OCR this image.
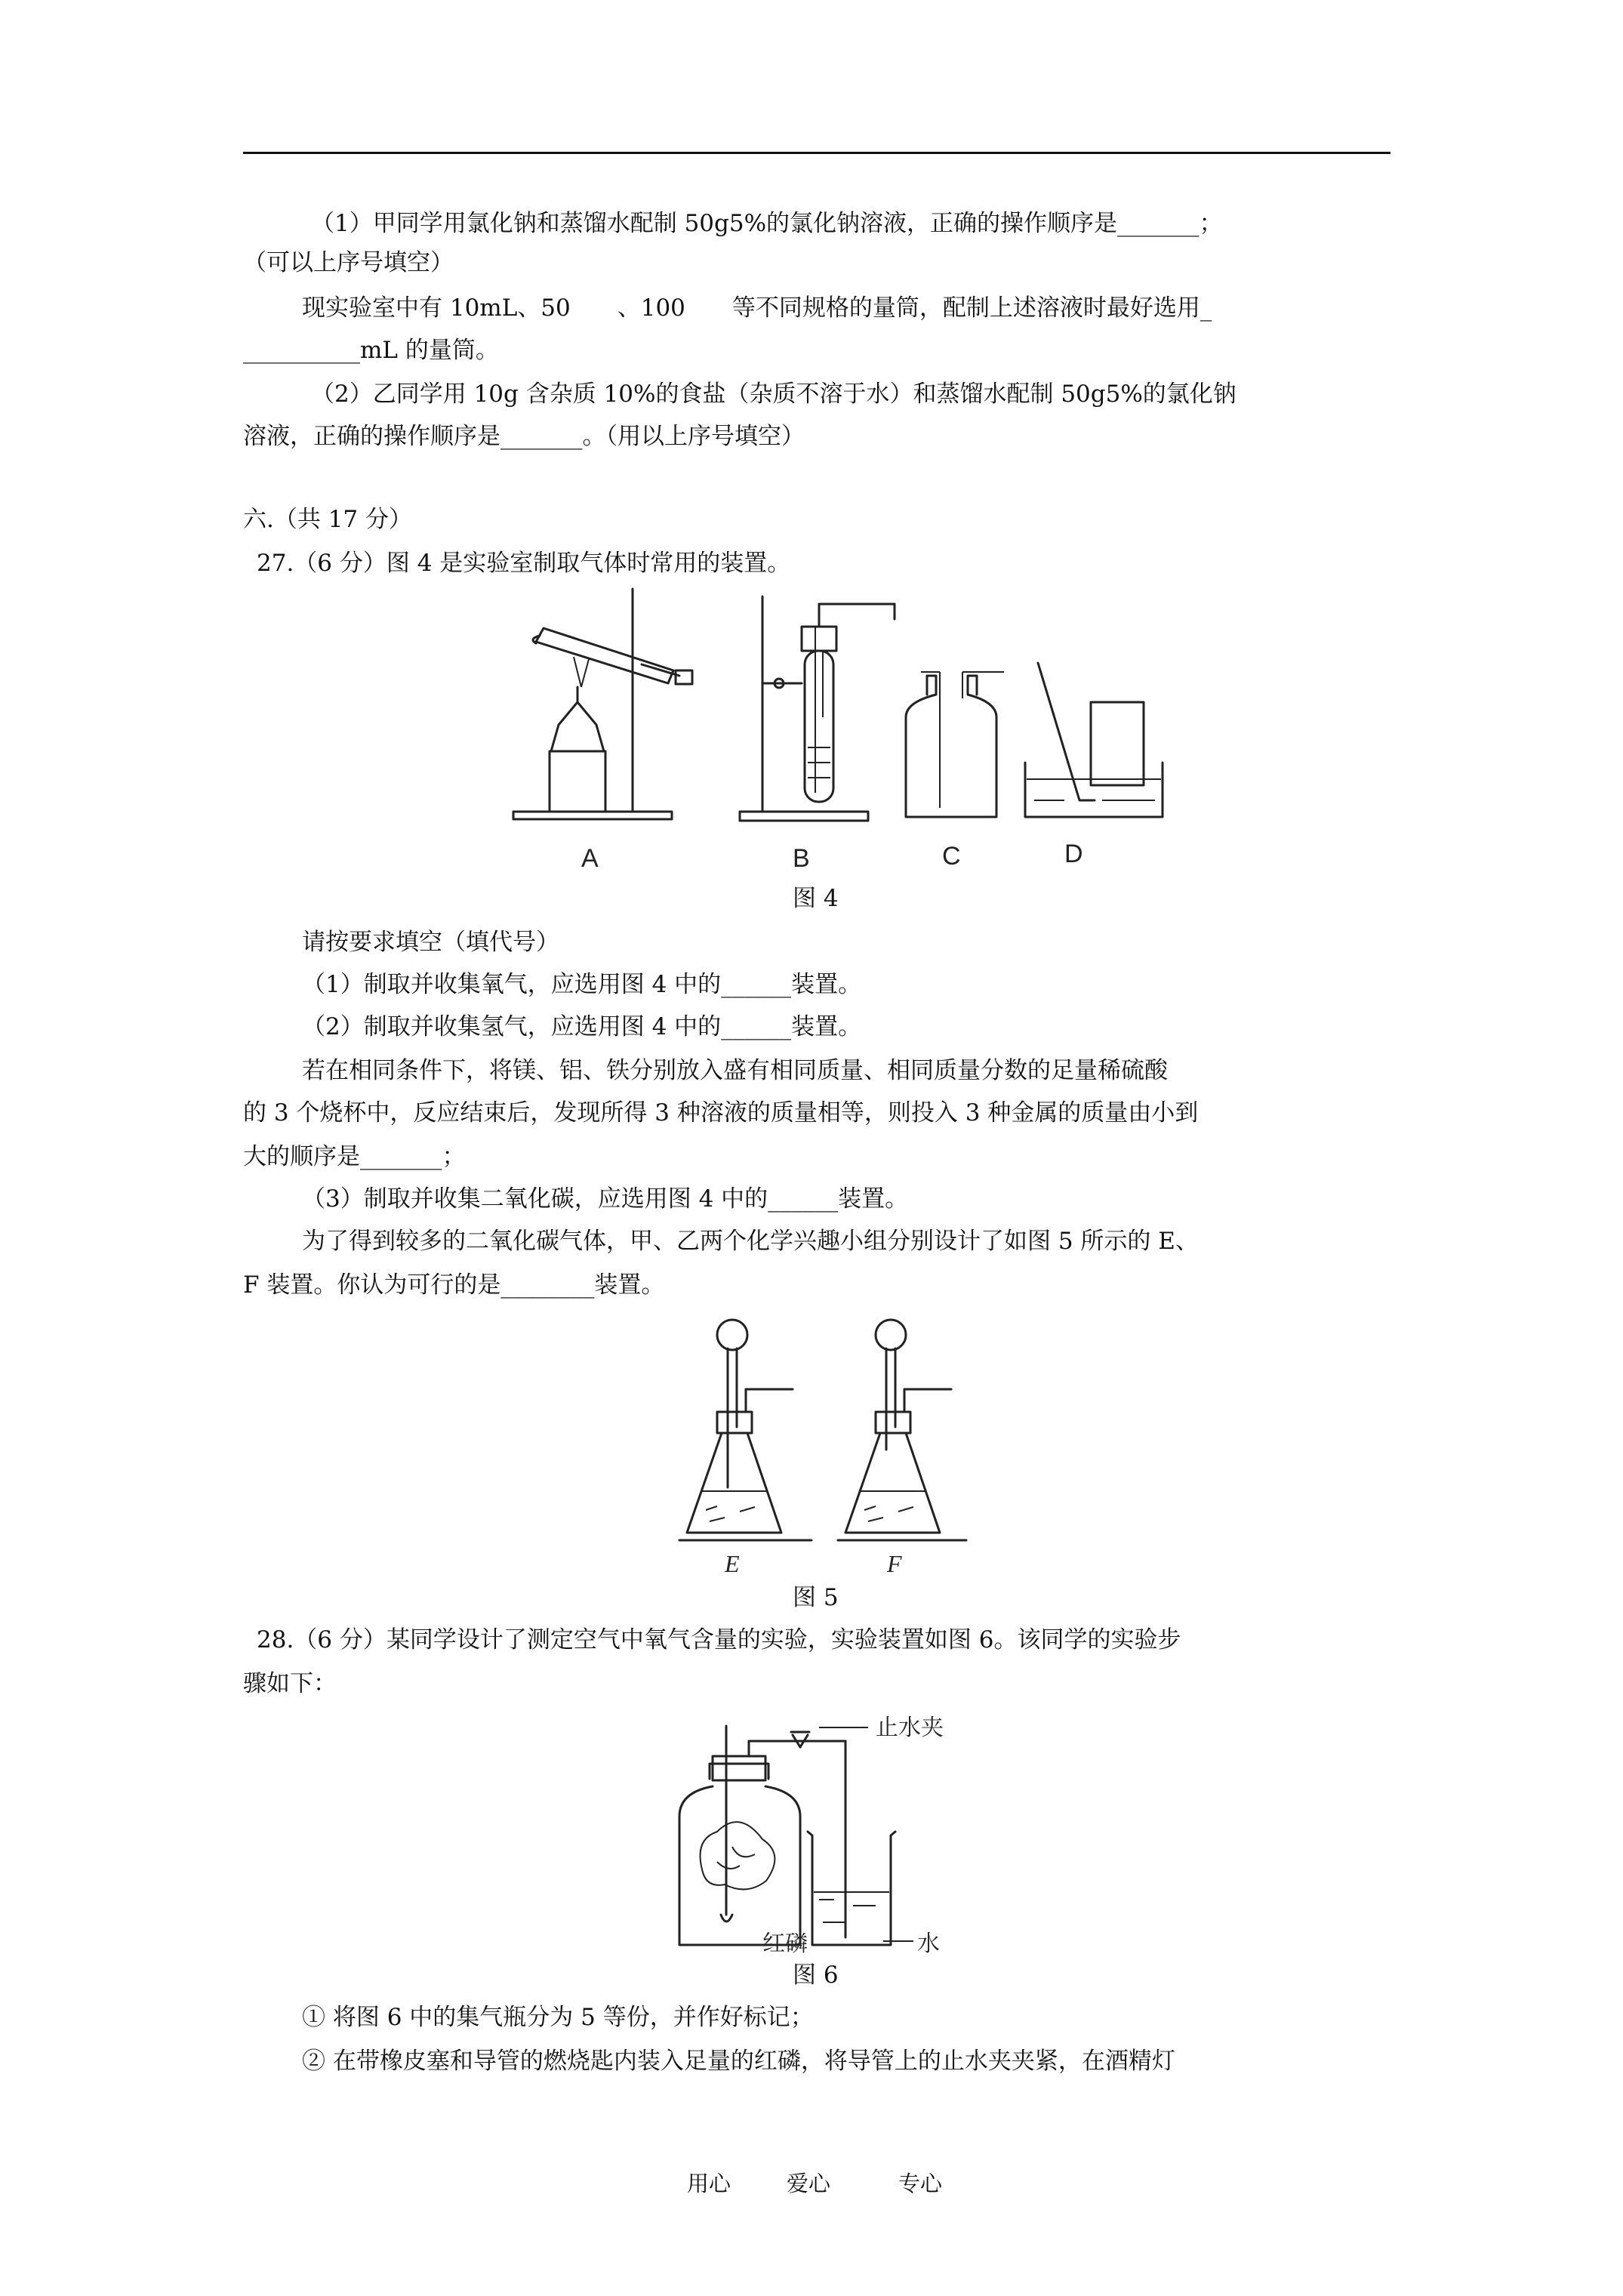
（1）甲同学用氯化钠和蒸馏水配制 50g5%的氯化钠溶液，正确的操作顺序是_______；
（可以上序号填空）
现实验室中有 10mL、50　　、100　　等不同规格的量筒，配制上述溶液时最好选用_
__________mL 的量筒。
（2）乙同学用 10g 含杂质 10%的食盐（杂质不溶于水）和蒸馏水配制 50g5%的氯化钠
溶液，正确的操作顺序是_______。（用以上序号填空）
六.（共 17 分）
27.（6 分）图 4 是实验室制取气体时常用的装置。
A	B	C	D
图 4
请按要求填空（填代号）
（1）制取并收集氧气，应选用图 4 中的______装置。
（2）制取并收集氢气，应选用图 4 中的______装置。
若在相同条件下，将镁、铝、铁分别放入盛有相同质量、相同质量分数的足量稀硫酸
的 3 个烧杯中，反应结束后，发现所得 3 种溶液的质量相等，则投入 3 种金属的质量由小到
大的顺序是_______；
（3）制取并收集二氧化碳，应选用图 4 中的______装置。
为了得到较多的二氧化碳气体，甲、乙两个化学兴趣小组分别设计了如图 5 所示的 E、
F 装置。你认为可行的是________装置。
E	F
图 5
28.（6 分）某同学设计了测定空气中氧气含量的实验，实验装置如图 6。该同学的实验步
骤如下：
止水夹
红磷	水
图 6
① 将图 6 中的集气瓶分为 5 等份，并作好标记；
② 在带橡皮塞和导管的燃烧匙内装入足量的红磷，将导管上的止水夹夹紧，在酒精灯
用心	爱心	专心
